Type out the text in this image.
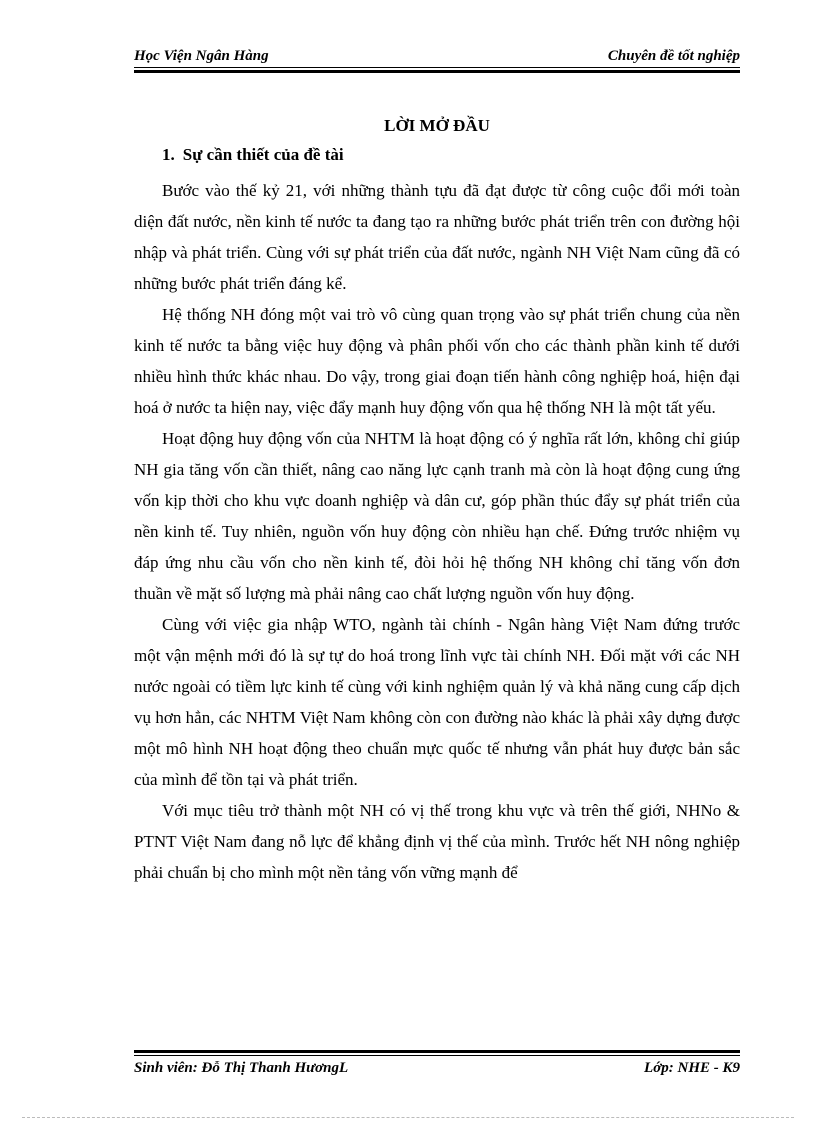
Học Viện Ngân Hàng	Chuyên đề tốt nghiệp
LỜI MỞ ĐẦU
1. Sự cần thiết của đề tài

Bước vào thế kỷ 21, với những thành tựu đã đạt được từ công cuộc đổi mới toàn diện đất nước, nền kinh tế nước ta đang tạo ra những bước phát triển trên con đường hội nhập và phát triển. Cùng với sự phát triển của đất nước, ngành NH Việt Nam cũng đã có những bước phát triển đáng kể.

Hệ thống NH đóng một vai trò vô cùng quan trọng vào sự phát triển chung của nền kinh tế nước ta bằng việc huy động và phân phối vốn cho các thành phần kinh tế dưới nhiều hình thức khác nhau. Do vậy, trong giai đoạn tiến hành công nghiệp hoá, hiện đại hoá ở nước ta hiện nay, việc đẩy mạnh huy động vốn qua hệ thống NH là một tất yếu.

Hoạt động huy động vốn của NHTM là hoạt động có ý nghĩa rất lớn, không chỉ giúp NH gia tăng vốn cần thiết, nâng cao năng lực cạnh tranh mà còn là hoạt động cung ứng vốn kịp thời cho khu vực doanh nghiệp và dân cư, góp phần thúc đẩy sự phát triển của nền kinh tế. Tuy nhiên, nguồn vốn huy động còn nhiều hạn chế. Đứng trước nhiệm vụ đáp ứng nhu cầu vốn cho nền kinh tế, đòi hỏi hệ thống NH không chỉ tăng vốn đơn thuần về mặt số lượng mà phải nâng cao chất lượng nguồn vốn huy động.

Cùng với việc gia nhập WTO, ngành tài chính - Ngân hàng Việt Nam đứng trước một vận mệnh mới đó là sự tự do hoá trong lĩnh vực tài chính NH. Đối mặt với các NH nước ngoài có tiềm lực kinh tế cùng với kinh nghiệm quản lý và khả năng cung cấp dịch vụ hơn hẳn, các NHTM Việt Nam không còn con đường nào khác là phải xây dựng được một mô hình NH hoạt động theo chuẩn mực quốc tế nhưng vẫn phát huy được bản sắc của mình để tồn tại và phát triển.

Với mục tiêu trở thành một NH có vị thế trong khu vực và trên thế giới, NHNo & PTNT Việt Nam đang nỗ lực để khẳng định vị thế của mình. Trước hết NH nông nghiệp phải chuẩn bị cho mình một nền tảng vốn vững mạnh để

Sinh viên: Đỗ Thị Thanh HươngL	Lớp: NHE - K9
